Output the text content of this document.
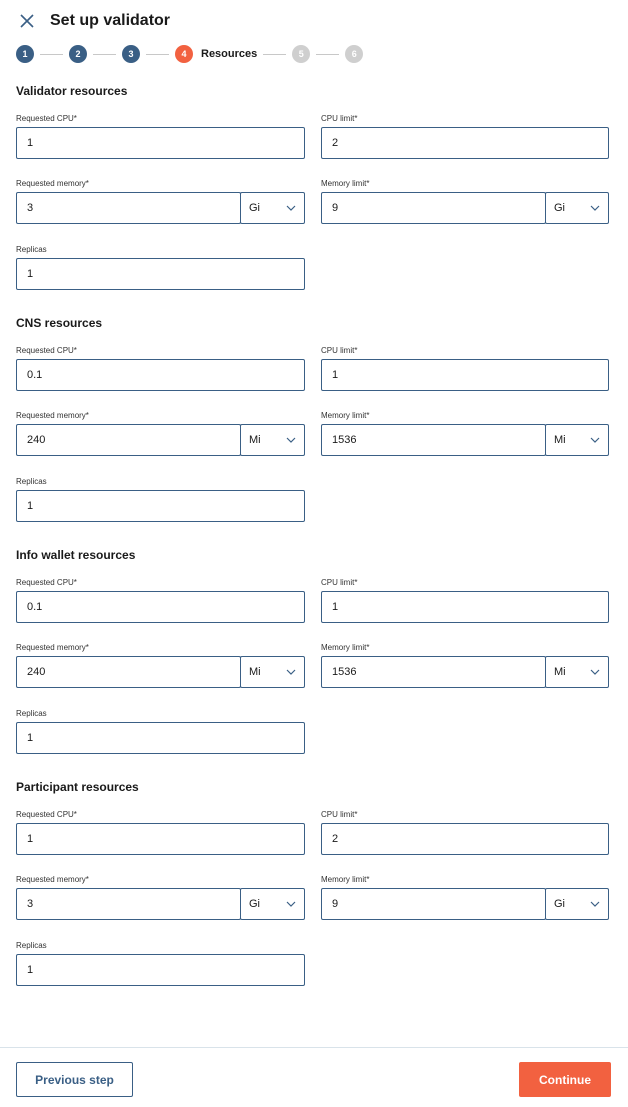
Set up validator
1	2	3	4	Resources	5	6
Validator resources
Requested CPU*	CPU limit*
1	2
Requested memory*	Memory limit*
3	Gi	9	Gi
Replicas
1
CNS resources
Requested CPU*	CPU limit*
0.1	1
Requested memory*	Memory limit*
240	Mi	1536	Mi
Replicas
1
Info wallet resources
Requested CPU*	CPU limit*
0.1	1
Requested memory*	Memory limit*
240	Mi	1536	Mi
Replicas
1
Participant resources
Requested CPU*	CPU limit*
1	2
Requested memory*	Memory limit*
3	Gi	9	Gi
Replicas
1
Previous step	Continue
